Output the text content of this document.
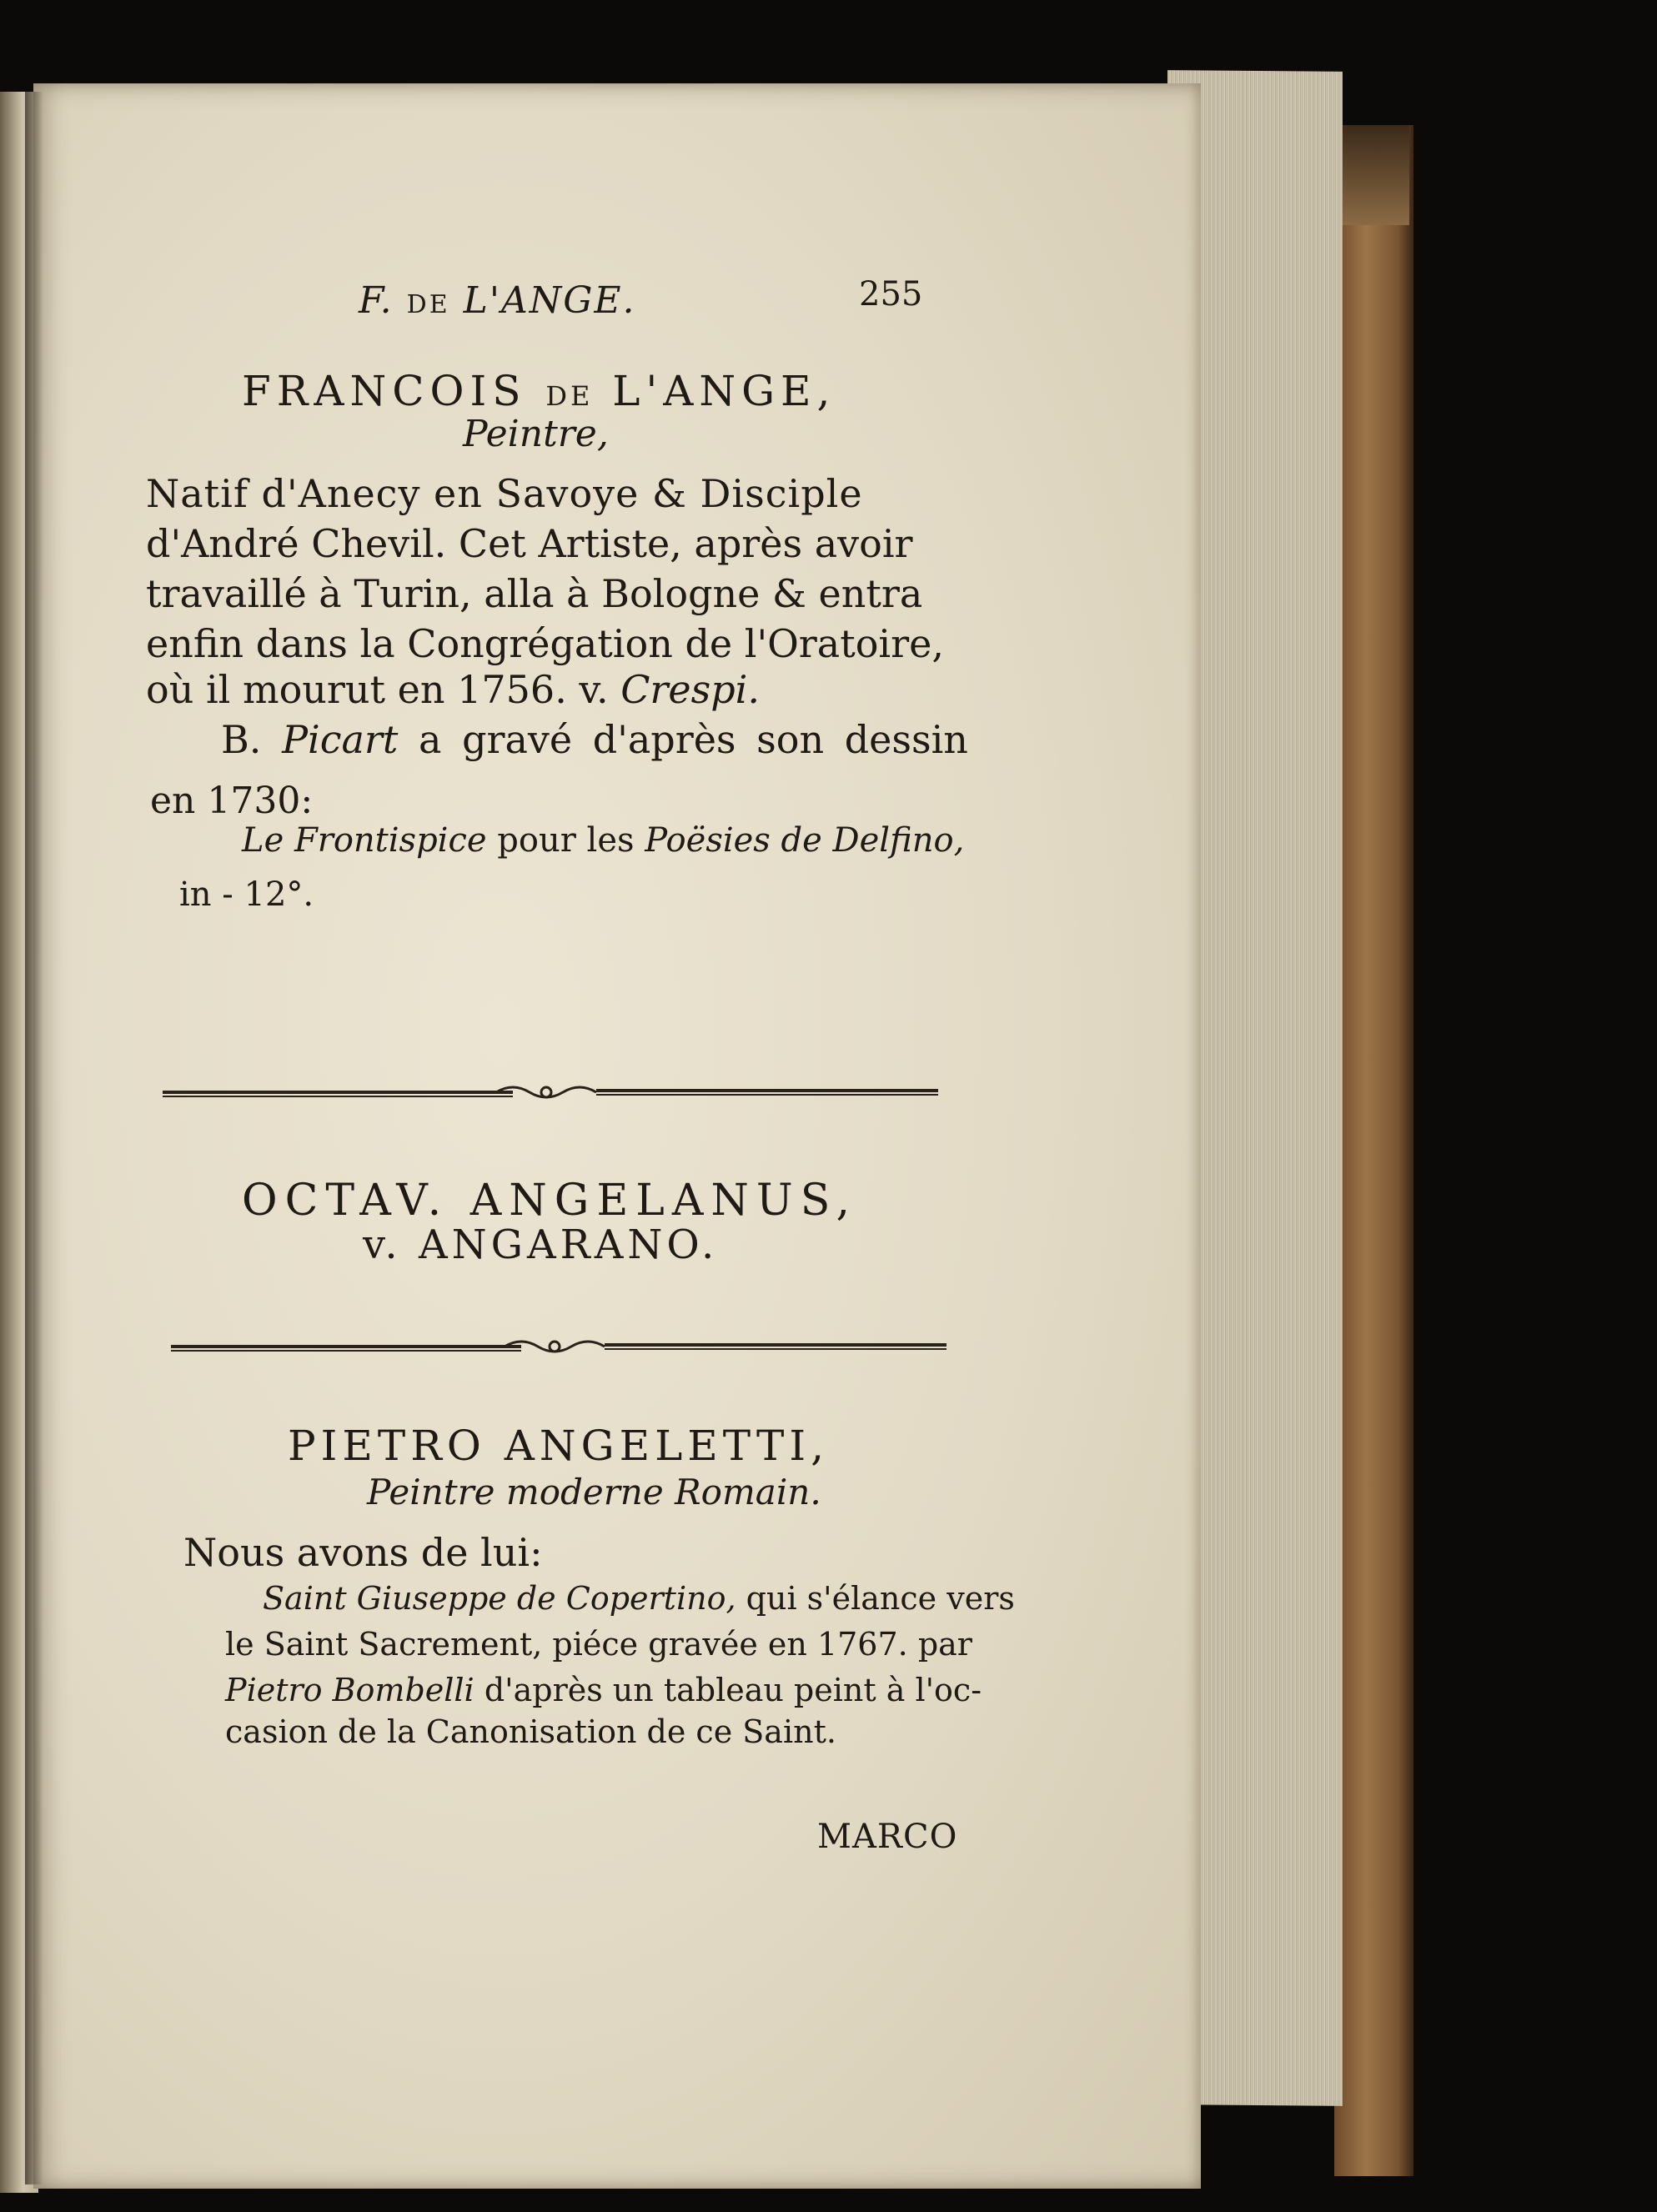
F. DE L'ANGE.	255
FRANCOIS DE L'ANGE,
Peintre,
Natif d'Anecy en Savoye & Disciple
d'André Chevil. Cet Artiste, après avoir
travaillé à Turin, alla à Bologne & entra
enfin dans la Congrégation de l'Oratoire,
où il mourut en 1756. v. Crespi.
B. Picart a gravé d'après son dessin
en 1730:
Le Frontispice pour les Poësies de Delfino,
in - 12°.
OCTAV. ANGELANUS,
v. ANGARANO.
PIETRO ANGELETTI,
Peintre moderne Romain.
Nous avons de lui:
Saint Giuseppe de Copertino, qui s'élance vers
le Saint Sacrement, piéce gravée en 1767. par
Pietro Bombelli d'après un tableau peint à l'oc-
casion de la Canonisation de ce Saint.
MARCO
